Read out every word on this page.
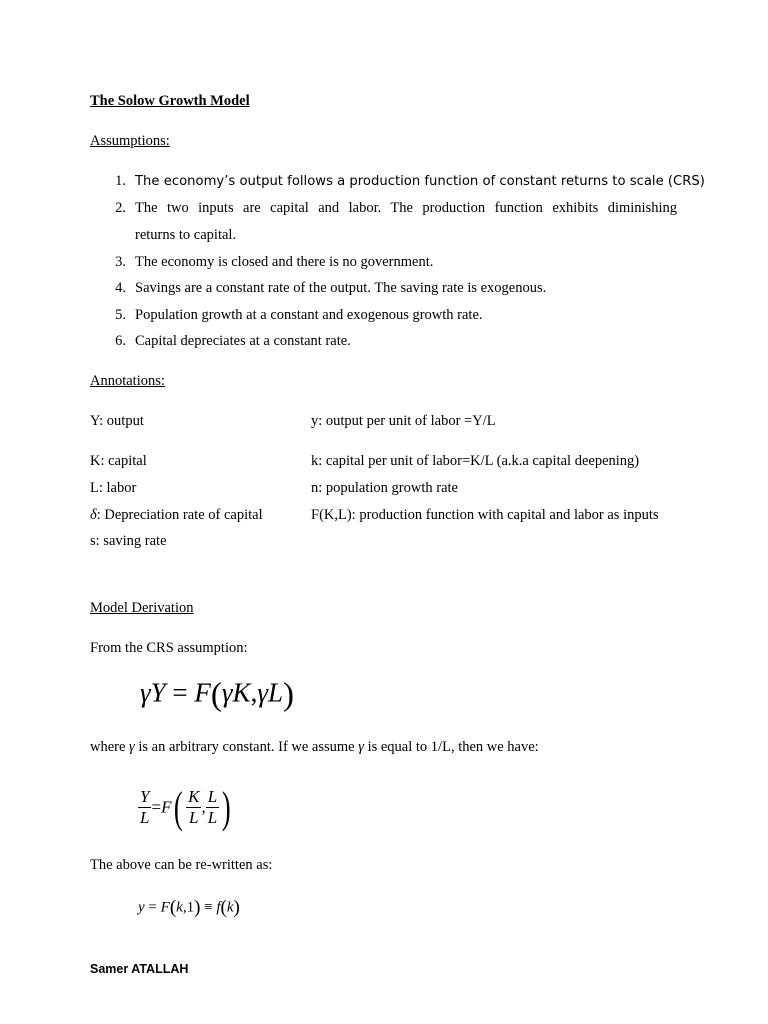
The Solow Growth Model
Assumptions:
1. The economy’s output follows a production function of constant returns to scale (CRS)
2. The two inputs are capital and labor. The production function exhibits diminishing
returns to capital.
3. The economy is closed and there is no government.
4. Savings are a constant rate of the output. The saving rate is exogenous.
5. Population growth at a constant and exogenous growth rate.
6. Capital depreciates at a constant rate.
Annotations:
Y: output	y: output per unit of labor =Y/L
K: capital	k: capital per unit of labor=K/L (a.k.a capital deepening)
L: labor	n: population growth rate
δ: Depreciation rate of capital	F(K,L): production function with capital and labor as inputs
s: saving rate
Model Derivation
From the CRS assumption:
γY = F(γK,γL)
where γ is an arbitrary constant. If we assume γ is equal to 1/L, then we have:
$\frac{Y}{L} =F( \frac{K}{L}$ , $\frac{L}{L}$ )
The above can be re-written as:
y = F(k,1) ≡ f(k)
Samer ATALLAH
